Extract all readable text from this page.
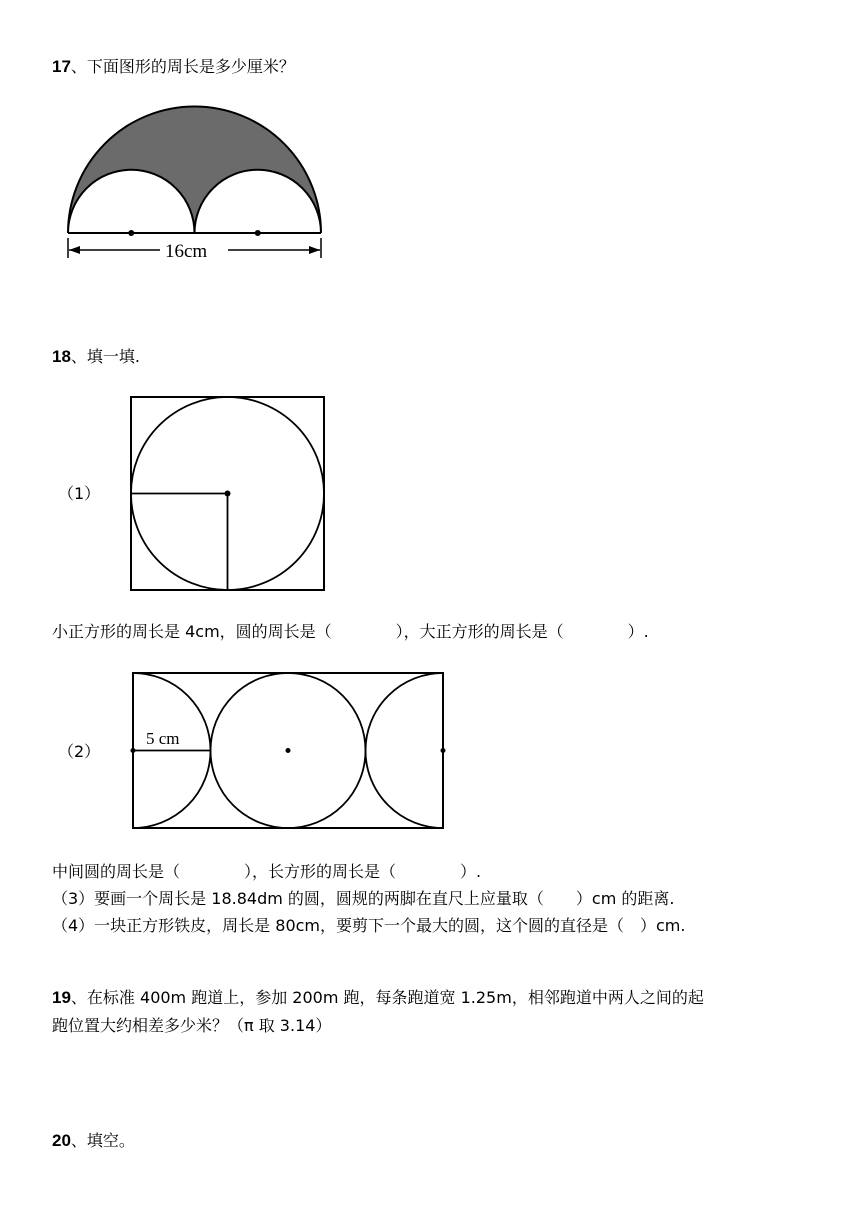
17、下面图形的周长是多少厘米？
16cm
18、填一填.
（1）
小正方形的周长是 4cm，圆的周长是（　　　　），大正方形的周长是（　　　　）.
（2）
5 cm
中间圆的周长是（　　　　），长方形的周长是（　　　　）.
（3）要画一个周长是 18.84dm 的圆，圆规的两脚在直尺上应量取（　　）cm 的距离.
（4）一块正方形铁皮，周长是 80cm，要剪下一个最大的圆，这个圆的直径是（　）cm.
19、在标准 400m 跑道上，参加 200m 跑，每条跑道宽 1.25m，相邻跑道中两人之间的起
跑位置大约相差多少米？（π 取 3.14）
20、填空。
